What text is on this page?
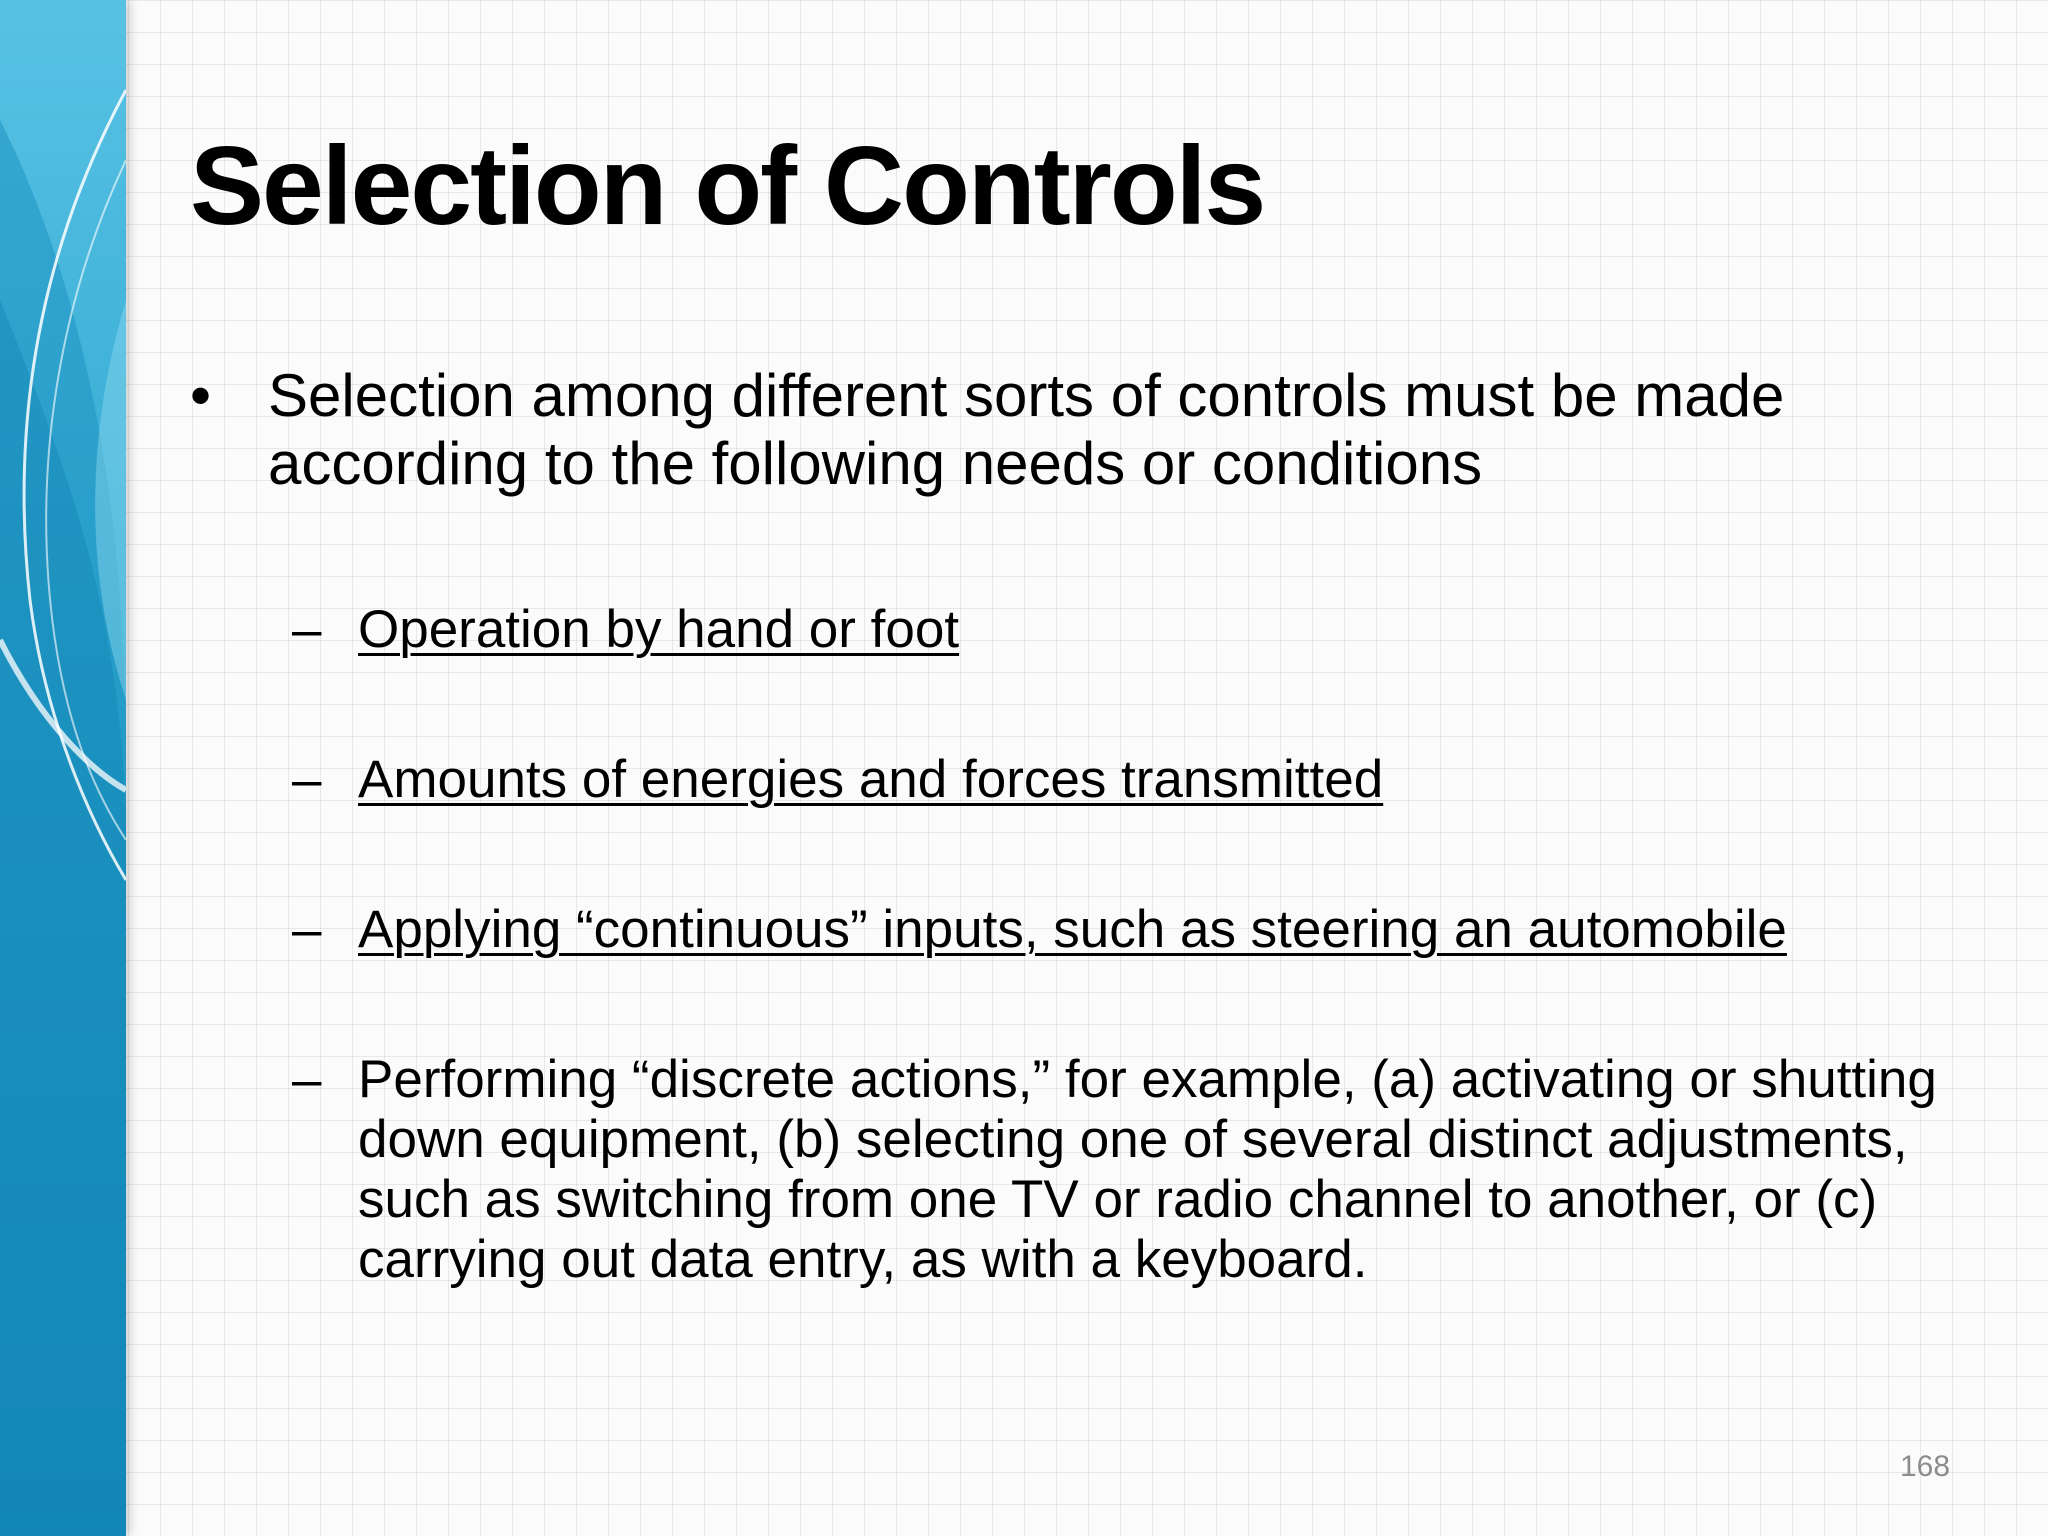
Selection of Controls
• Selection among different sorts of controls must be made according to the following needs or conditions
– Operation by hand or foot
– Amounts of energies and forces transmitted
– Applying “continuous” inputs, such as steering an automobile
– Performing “discrete actions,” for example, (a) activating or shutting down equipment, (b) selecting one of several distinct adjustments, such as switching from one TV or radio channel to another, or (c) carrying out data entry, as with a keyboard.
168
